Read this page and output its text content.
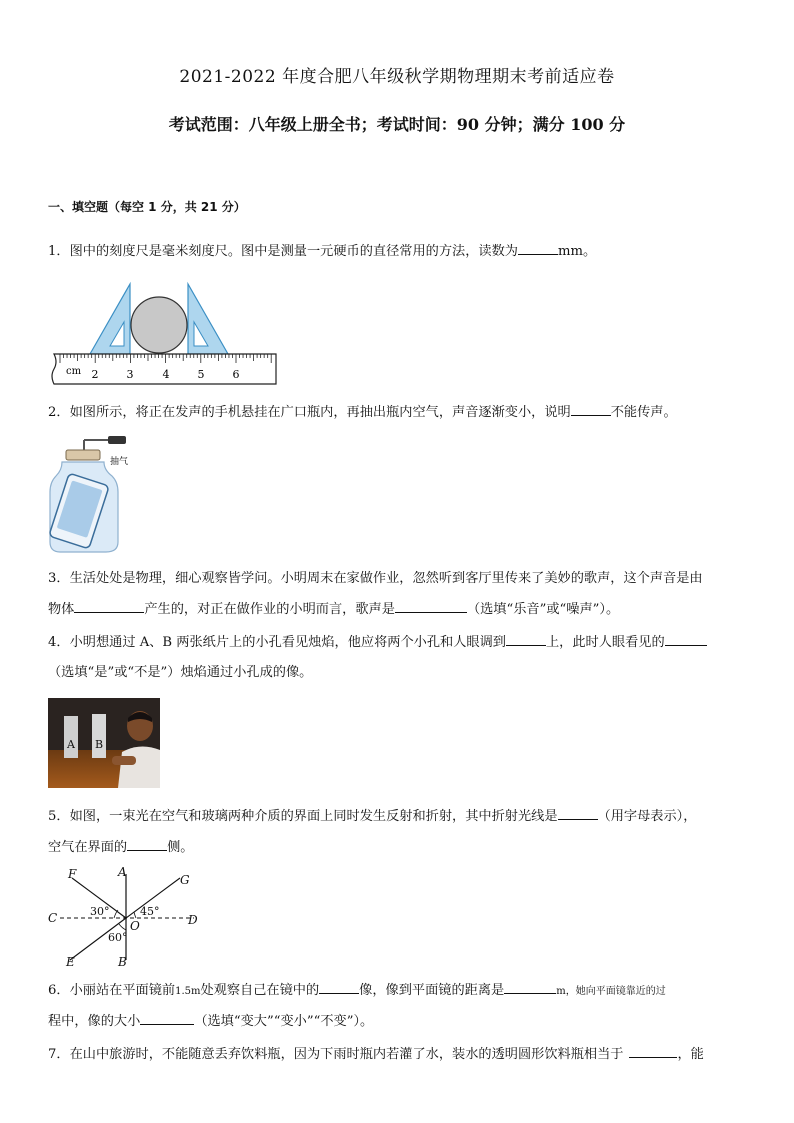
2021-2022 年度合肥八年级秋学期物理期末考前适应卷
考试范围：八年级上册全书；考试时间：90 分钟；满分 100 分
一、填空题（每空 1 分，共 21 分）
1．图中的刻度尺是毫米刻度尺。图中是测量一元硬币的直径常用的方法，读数为	mm。
cm 2	3	4	5	6
2．如图所示，将正在发声的手机悬挂在广口瓶内，再抽出瓶内空气，声音逐渐变小，说明	不能传声。
抽气
3．生活处处是物理，细心观察皆学问。小明周末在家做作业，忽然听到客厅里传来了美妙的歌声，这个声音是由
物体	产生的，对正在做作业的小明而言，歌声是	（选填“乐音”或“噪声”）。
4．小明想通过 A、B 两张纸片上的小孔看见烛焰，他应将两个小孔和人眼调到	上，此时人眼看见的
（选填“是”或“不是”）烛焰通过小孔成的像。
A B
5．如图，一束光在空气和玻璃两种介质的界面上同时发生反射和折射，其中折射光线是	（用字母表示），
空气在界面的	侧。
F	A
G
C	D
O
E	B
30°	45°
60°
6．小丽站在平面镜前1.5m处观察自己在镜中的	像，像到平面镜的距离是	m，她向平面镜靠近的过
程中，像的大小	（选填“变大”“变小”“不变”）。
7．在山中旅游时，不能随意丢弃饮料瓶，因为下雨时瓶内若灌了水，装水的透明圆形饮料瓶相当于	，能
